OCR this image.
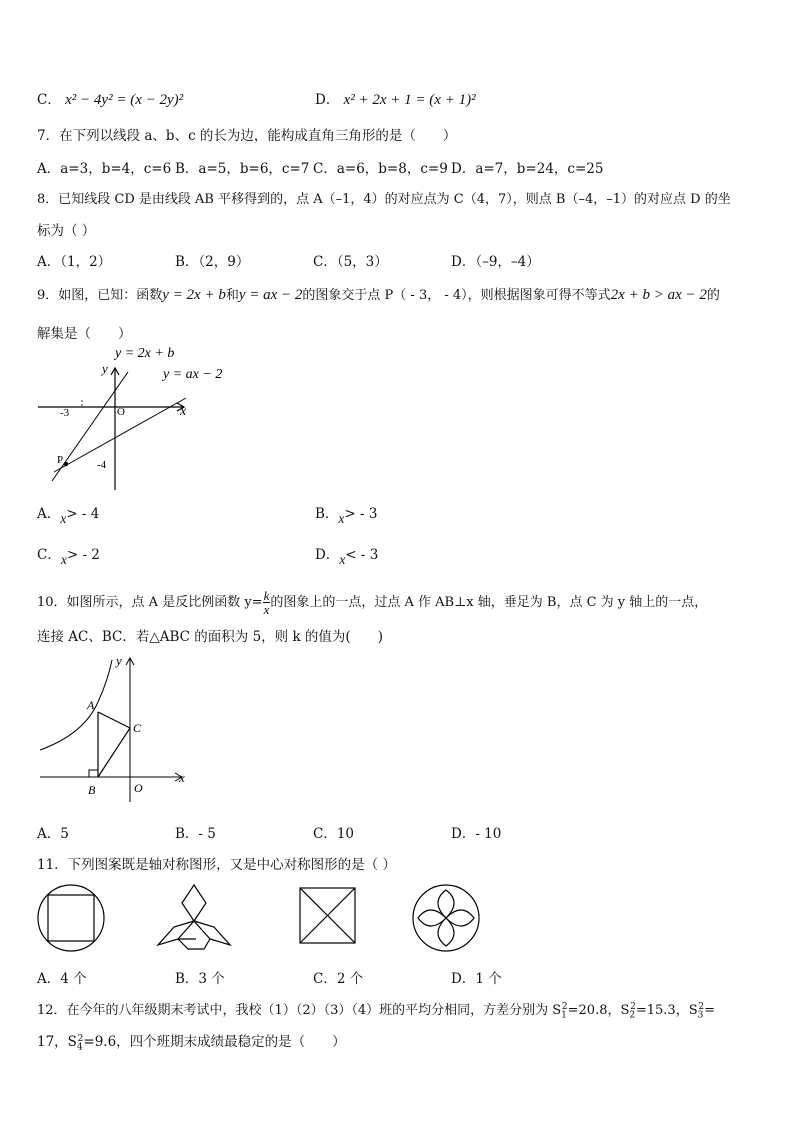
C． x² − 4y² = (x − 2y)²	D． x² + 2x + 1 = (x + 1)²
7．在下列以线段 a、b、c 的长为边，能构成直角三角形的是（　　）
A．a=3，b=4，c=6 B．a=5，b=6，c=7 C．a=6，b=8，c=9 D．a=7，b=24，c=25
8．已知线段 CD 是由线段 AB 平移得到的，点 A（–1，4）的对应点为 C（4，7），则点 B（–4，–1）的对应点 D 的坐
标为（ ）
A．（1，2）	B．（2，9）	C．（5，3）	D．（–9，–4）
9．如图，已知：函数y = 2x + b和y = ax − 2的图象交于点 P（ - 3， - 4），则根据图象可得不等式2x + b > ax − 2的
解集是（　　）
y = 2x + b
y = ax − 2
y
x
O
-3
-4
P
A．x> - 4	B．x> - 3
C．x> - 2	D．x< - 3
10．如图所示，点 A 是反比例函数 $y= \frac{k}{x}$ 的图象上的一点，过点 A 作 AB⊥x 轴，垂足为 B，点 C 为 y 轴上的一点，
连接 AC、BC．若△ABC 的面积为 5，则 k 的值为(　　)
y
x
A
B
C
O
A．5	B．- 5	C．10	D．- 10
11．下列图案既是轴对称图形，又是中心对称图形的是（ ）
A．4 个	B．3 个	C．2 个	D．1 个
12．在今年的八年级期末考试中，我校（1）（2）（3）（4）班的平均分相同，方差分别为 $S_1^2=20.8$，$S_2^2=15.3$，$S_3^2=$
17，$S_4^2=9.6$，四个班期末成绩最稳定的是（　　）
